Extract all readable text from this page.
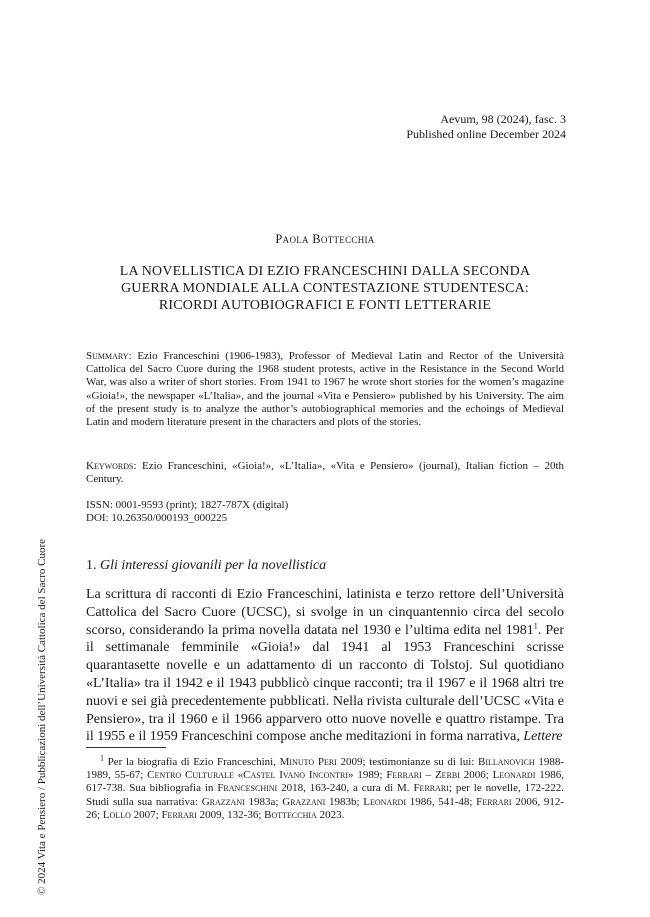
Aevum, 98 (2024), fasc. 3
Published online December 2024
Paola Bottecchia
LA NOVELLISTICA DI EZIO FRANCESCHINI DALLA SECONDA
GUERRA MONDIALE ALLA CONTESTAZIONE STUDENTESCA:
RICORDI AUTOBIOGRAFICI E FONTI LETTERARIE
Summary: Ezio Franceschini (1906-1983), Professor of Medieval Latin and Rector of the Università Cattolica del Sacro Cuore during the 1968 student protests, active in the Resistance in the Second World War, was also a writer of short stories. From 1941 to 1967 he wrote short stories for the women’s magazine «Gioia!», the newspaper «L’Italia», and the journal «Vita e Pensiero» published by his University. The aim of the present study is to analyze the author’s autobiographical memories and the echoings of Medieval Latin and modern literature present in the characters and plots of the stories.
Keywords: Ezio Franceschini, «Gioia!», «L’Italia», «Vita e Pensiero» (journal), Italian fiction – 20th Century.
ISSN: 0001-9593 (print); 1827-787X (digital)
DOI: 10.26350/000193_000225
1. Gli interessi giovanili per la novellistica
La scrittura di racconti di Ezio Franceschini, latinista e terzo rettore dell’Università Cattolica del Sacro Cuore (UCSC), si svolge in un cinquantennio circa del secolo scorso, considerando la prima novella datata nel 1930 e l’ultima edita nel 1981$^1$. Per il settimanale femminile «Gioia!» dal 1941 al 1953 Franceschini scrisse quarantasette novelle e un adattamento di un racconto di Tolstoj. Sul quotidiano «L’Italia» tra il 1942 e il 1943 pubblicò cinque racconti; tra il 1967 e il 1968 altri tre nuovi e sei già precedentemente pubblicati. Nella rivista culturale dell’UCSC «Vita e Pensiero», tra il 1960 e il 1966 apparvero otto nuove novelle e quattro ristampe. Tra il 1955 e il 1959 Franceschini compose anche meditazioni in forma narrativa, Lettere
$^1$ Per la biografia di Ezio Franceschini, Minuto Peri 2009; testimonianze su di lui: Billanovich 1988-1989, 55-67; Centro Culturale «Castel Ivano Incontri» 1989; Ferrari – Zerbi 2006; Leonardi 1986, 617-738. Sua bibliografia in Franceschini 2018, 163-240, a cura di M. Ferrari; per le novelle, 172-222. Studi sulla sua narrativa: Grazzani 1983a; Grazzani 1983b; Leonardi 1986, 541-48; Ferrari 2006, 912-26; Lollo 2007; Ferrari 2009, 132-36; Bottecchia 2023.
© 2024 Vita e Pensiero / Pubblicazioni dell’Università Cattolica del Sacro Cuore
